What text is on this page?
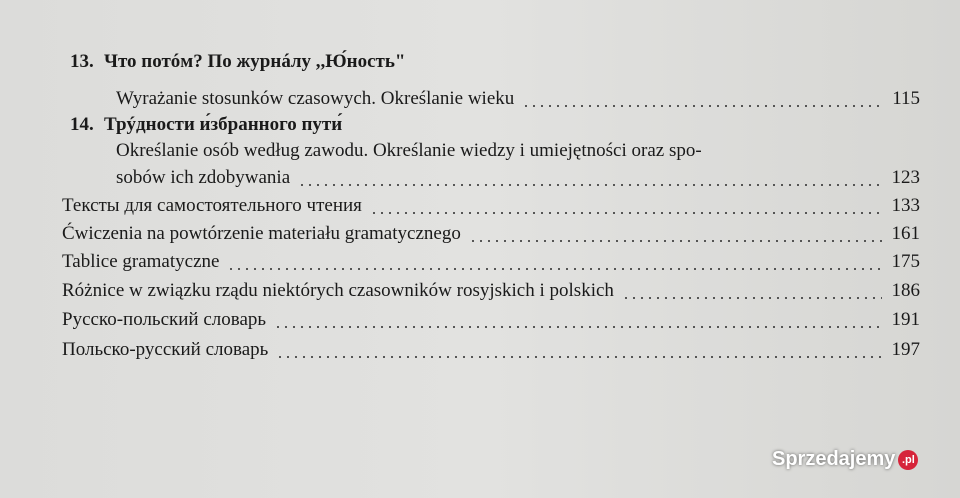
13. Что потóм? По журнáлу ,,Ю́ность"
Wyrażanie stosunków czasowych. Określanie wieku	115
14. Трýдности и́збранного пути́
Określanie osób według zawodu. Określanie wiedzy i umiejętności oraz spo-
sobów ich zdobywania	123
Тексты для самостоятельного чтения	133
Ćwiczenia na powtórzenie materiału gramatycznego	161
Tablice gramatyczne	175
Różnice w związku rządu niektórych czasowników rosyjskich i polskich	186
Русско-польский словарь	191
Польско-русский словарь	197
Sprzedajemy .pl
